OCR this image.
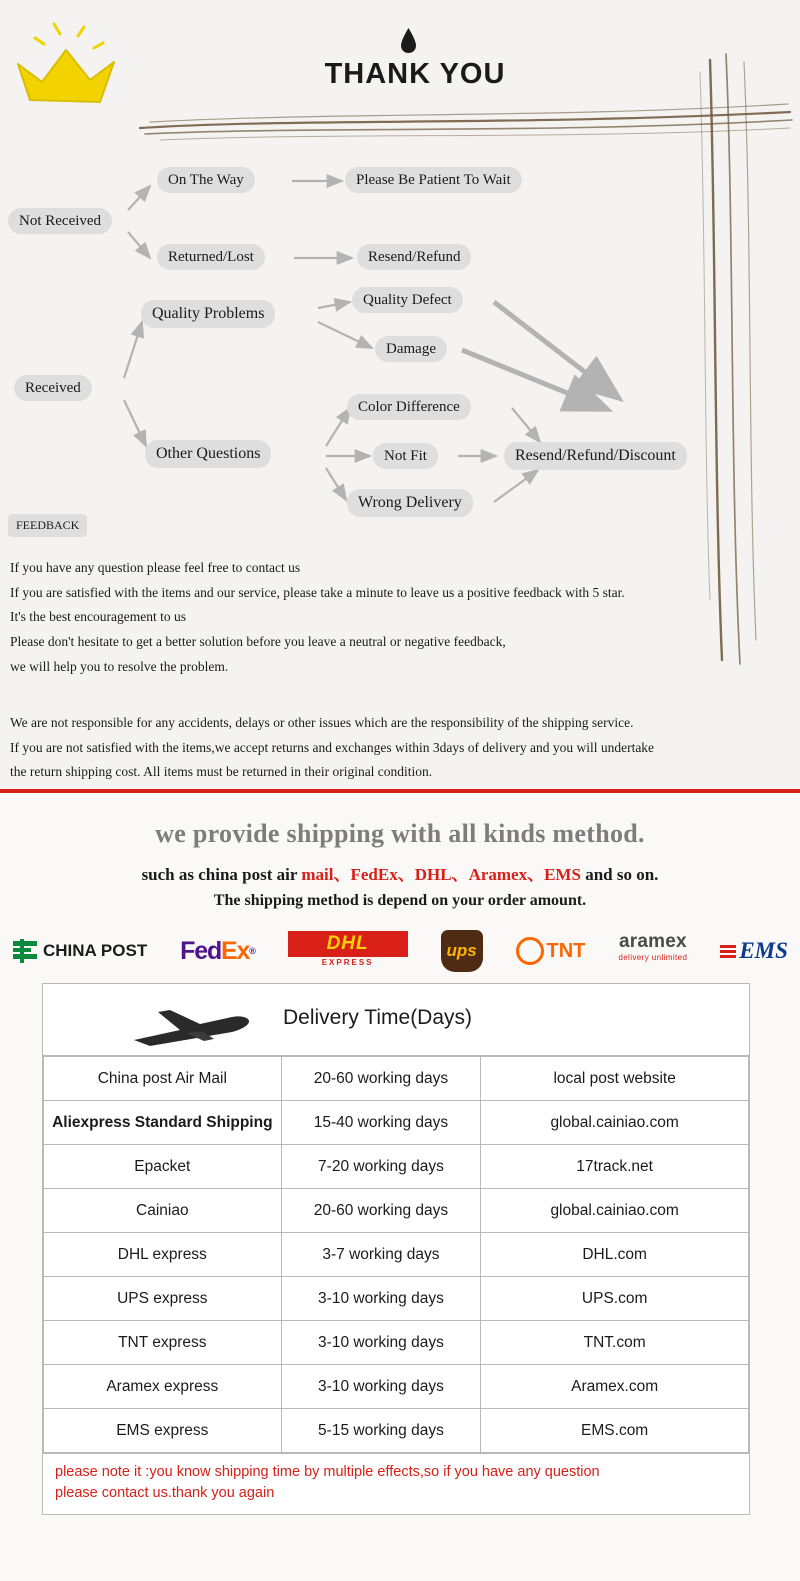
THANK YOU
Not Received
On The Way	Please Be Patient To Wait
Returned/Lost	Resend/Refund
Received
Quality Problems
Quality Defect
Damage
Color Difference
Other Questions	Not Fit
Wrong Delivery
Resend/Refund/Discount
FEEDBACK
If you have any question please feel free to contact us
If you are satisfied with the items and our service, please take a minute to leave us a positive feedback with 5 star.
It's the best encouragement to us
Please don't hesitate to get a better solution before you leave a neutral or negative feedback,
we will help you to resolve the problem.
We are not responsible for any accidents, delays or other issues which are the responsibility of the shipping service.
If you are not satisfied with the items,we accept returns and exchanges within 3days of delivery and you will undertake
the return shipping cost. All items must be returned in their original condition.
we provide shipping with all kinds method.
such as china post air mail、FedEx、DHL、Aramex、EMS and so on.
The shipping method is depend on your order amount.
CHINA POST Fed Ex ®	DHL
EXPRESS
ups	TNT aramex
delivery unlimited EMS
Delivery Time(Days)
China post Air Mail	20-60 working days	local post website
Aliexpress Standard Shipping	15-40 working days	global.cainiao.com
Epacket	7-20 working days	17track.net
Cainiao	20-60 working days	global.cainiao.com
DHL express	3-7 working days	DHL.com
UPS express	3-10 working days	UPS.com
TNT express	3-10 working days	TNT.com
Aramex express	3-10 working days	Aramex.com
EMS express	5-15 working days	EMS.com
please note it :you know shipping time by multiple effects,so if you have any question
please contact us.thank you again
